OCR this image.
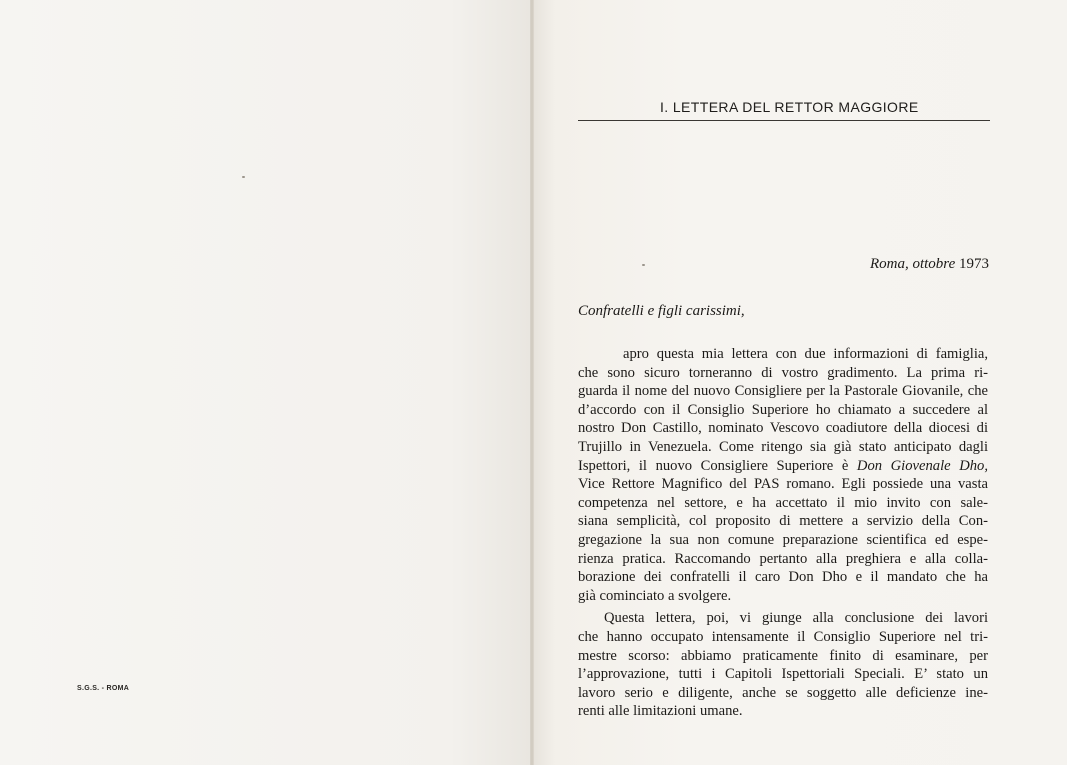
S.G.S. - ROMA
I. LETTERA DEL RETTOR MAGGIORE
Roma, ottobre 1973
Confratelli e figli carissimi,
apro questa mia lettera con due informazioni di famiglia,
che sono sicuro torneranno di vostro gradimento. La prima ri-
guarda il nome del nuovo Consigliere per la Pastorale Giovanile, che
d’accordo con il Consiglio Superiore ho chiamato a succedere al
nostro Don Castillo, nominato Vescovo coadiutore della diocesi di
Trujillo in Venezuela. Come ritengo sia già stato anticipato dagli
Ispettori, il nuovo Consigliere Superiore è Don Giovenale Dho,
Vice Rettore Magnifico del PAS romano. Egli possiede una vasta
competenza nel settore, e ha accettato il mio invito con sale-
siana semplicità, col proposito di mettere a servizio della Con-
gregazione la sua non comune preparazione scientifica ed espe-
rienza pratica. Raccomando pertanto alla preghiera e alla colla-
borazione dei confratelli il caro Don Dho e il mandato che ha
già cominciato a svolgere.
Questa lettera, poi, vi giunge alla conclusione dei lavori
che hanno occupato intensamente il Consiglio Superiore nel tri-
mestre scorso: abbiamo praticamente finito di esaminare, per
l’approvazione, tutti i Capitoli Ispettoriali Speciali. E’ stato un
lavoro serio e diligente, anche se soggetto alle deficienze ine-
renti alle limitazioni umane.
